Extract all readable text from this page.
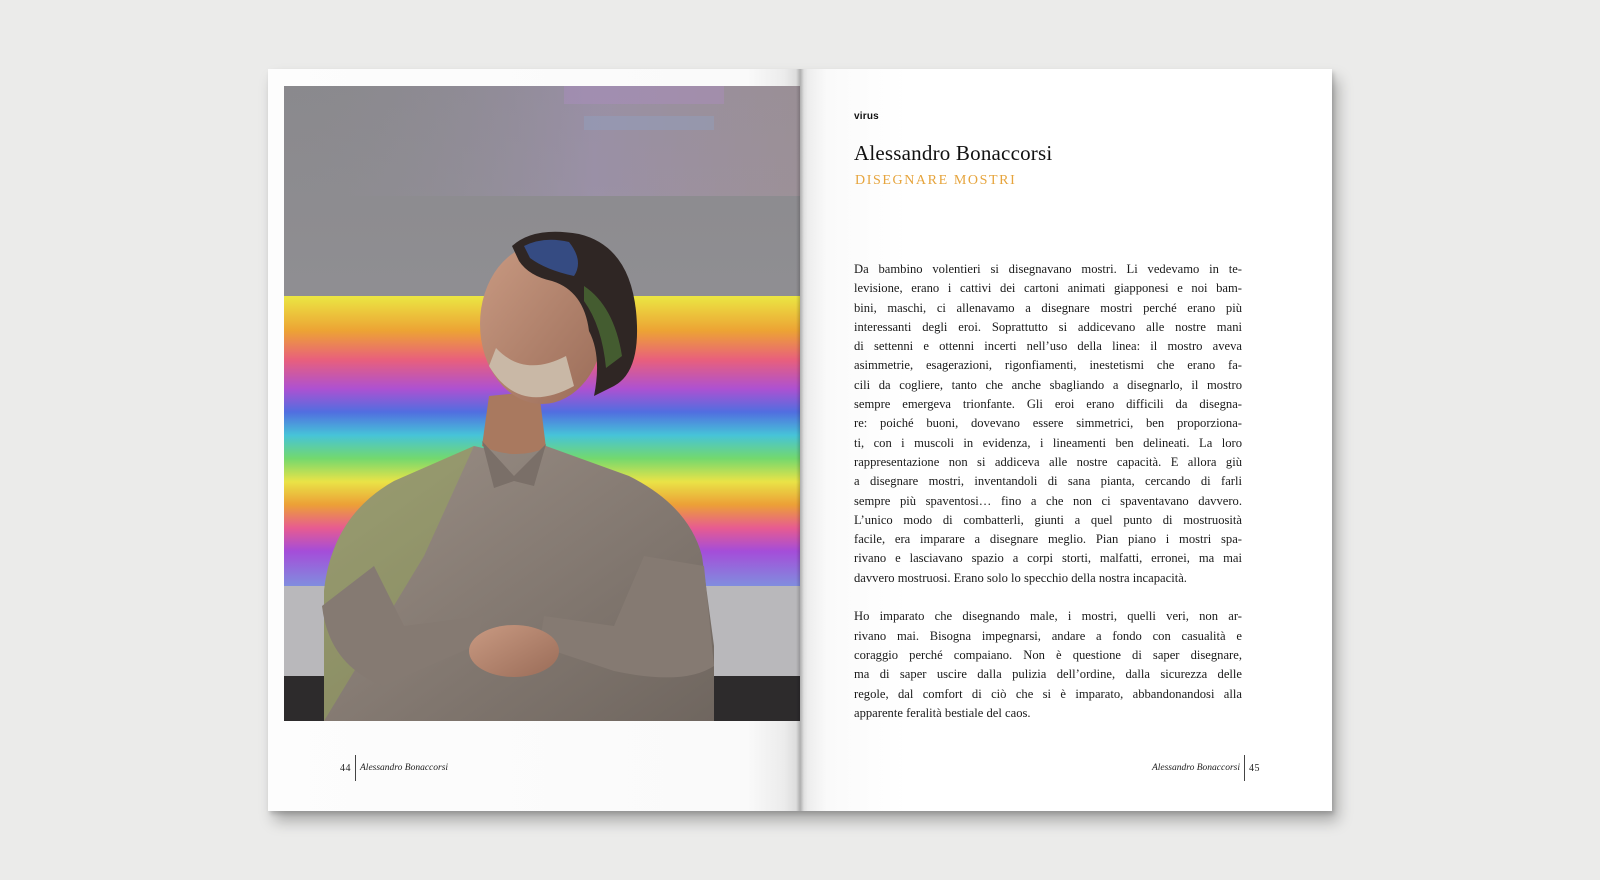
44 Alessandro Bonaccorsi
virus
Alessandro Bonaccorsi
DISEGNARE MOSTRI
Da bambino volentieri si disegnavano mostri. Li vedevamo in te-
levisione, erano i cattivi dei cartoni animati giapponesi e noi bam-
bini, maschi, ci allenavamo a disegnare mostri perché erano più
interessanti degli eroi. Soprattutto si addicevano alle nostre mani
di settenni e ottenni incerti nell’uso della linea: il mostro aveva
asimmetrie, esagerazioni, rigonfiamenti, inestetismi che erano fa-
cili da cogliere, tanto che anche sbagliando a disegnarlo, il mostro
sempre emergeva trionfante. Gli eroi erano difficili da disegna-
re: poiché buoni, dovevano essere simmetrici, ben proporziona-
ti, con i muscoli in evidenza, i lineamenti ben delineati. La loro
rappresentazione non si addiceva alle nostre capacità. E allora giù
a disegnare mostri, inventandoli di sana pianta, cercando di farli
sempre più spaventosi… fino a che non ci spaventavano davvero.
L’unico modo di combatterli, giunti a quel punto di mostruosità
facile, era imparare a disegnare meglio. Pian piano i mostri spa-
rivano e lasciavano spazio a corpi storti, malfatti, erronei, ma mai
davvero mostruosi. Erano solo lo specchio della nostra incapacità.
Ho imparato che disegnando male, i mostri, quelli veri, non ar-
rivano mai. Bisogna impegnarsi, andare a fondo con casualità e
coraggio perché compaiano. Non è questione di saper disegnare,
ma di saper uscire dalla pulizia dell’ordine, dalla sicurezza delle
regole, dal comfort di ciò che si è imparato, abbandonandosi alla
apparente feralità bestiale del caos.
Alessandro Bonaccorsi 45
